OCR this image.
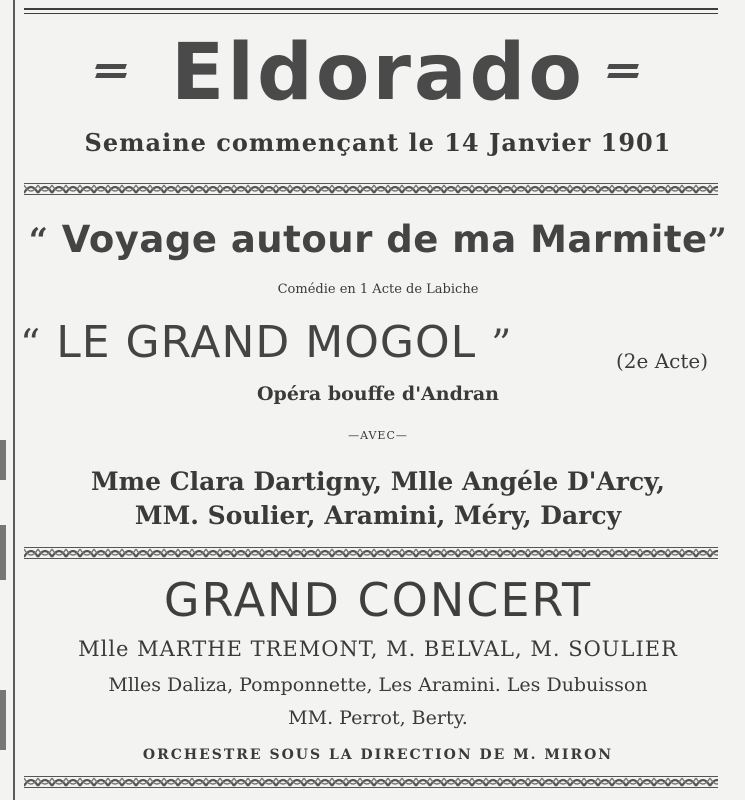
Eldorado
Semaine commençant le 14 Janvier 1901
“ Voyage autour de ma Marmite”
Comédie en 1 Acte de Labiche
“ LE GRAND MOGOL ”	(2e Acte)
Opéra bouffe d'Andran
—AVEC—
Mme Clara Dartigny, Mlle Angéle D'Arcy,
MM. Soulier, Aramini, Méry, Darcy
GRAND CONCERT
Mlle MARTHE TREMONT, M. BELVAL, M. SOULIER
Mlles Daliza, Pomponnette, Les Aramini. Les Dubuisson
MM. Perrot, Berty.
ORCHESTRE SOUS LA DIRECTION DE M. MIRON
